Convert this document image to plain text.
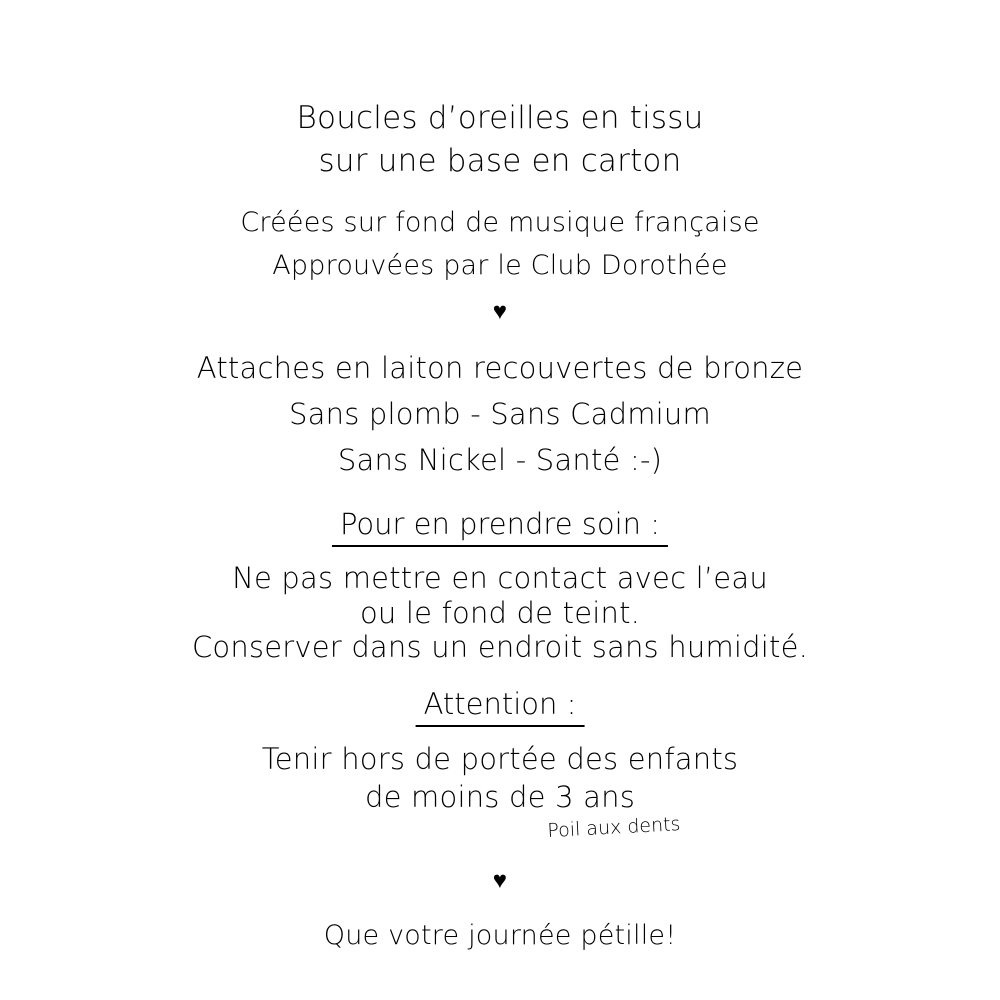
Boucles d’oreilles en tissu
sur une base en carton
Créées sur fond de musique française
Approuvées par le Club Dorothée
♥
Attaches en laiton recouvertes de bronze
Sans plomb - Sans Cadmium
Sans Nickel - Santé :-)
Pour en prendre soin :
Ne pas mettre en contact avec l’eau
ou le fond de teint.
Conserver dans un endroit sans humidité.
Attention :
Tenir hors de portée des enfants
de moins de 3 ans
Poil aux dents
♥
Que votre journée pétille!
